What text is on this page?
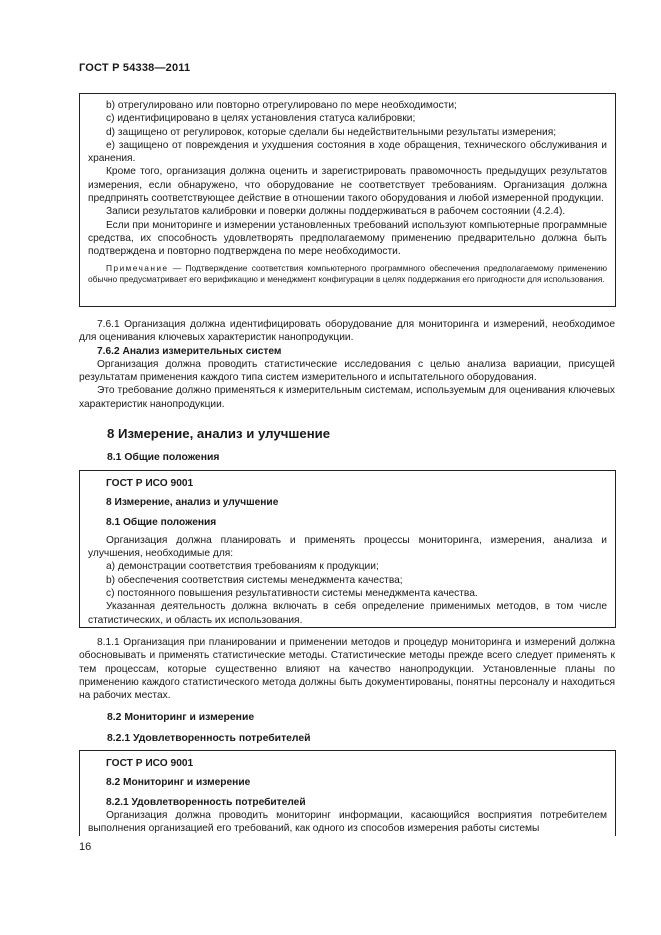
ГОСТ Р 54338—2011

b) отрегулировано или повторно отрегулировано по мере необходимости;

c) идентифицировано в целях установления статуса калибровки;

d) защищено от регулировок, которые сделали бы недействительными результаты измерения;

e) защищено от повреждения и ухудшения состояния в ходе обращения, технического обслуживания и хранения.

Кроме того, организация должна оценить и зарегистрировать правомочность предыдущих результатов измерения, если обнаружено, что оборудование не соответствует требованиям. Организация должна предпринять соответствующее действие в отношении такого оборудования и любой измеренной продукции.

Записи результатов калибровки и поверки должны поддерживаться в рабочем состоянии (4.2.4).

Если при мониторинге и измерении установленных требований используют компьютерные программные средства, их способность удовлетворять предполагаемому применению предварительно должна быть подтверждена и повторно подтверждена по мере необходимости.

Примечание — Подтверждение соответствия компьютерного программного обеспечения предполагаемому применению обычно предусматривает его верификацию и менеджмент конфигурации в целях поддержания его пригодности для использования.

7.6.1 Организация должна идентифицировать оборудование для мониторинга и измерений, необходимое для оценивания ключевых характеристик нанопродукции.

7.6.2 Анализ измерительных систем

Организация должна проводить статистические исследования с целью анализа вариации, присущей результатам применения каждого типа систем измерительного и испытательного оборудования.

Это требование должно применяться к измерительным системам, используемым для оценивания ключевых характеристик нанопродукции.

8 Измерение, анализ и улучшение
8.1 Общие положения

ГОСТ Р ИСО 9001

8 Измерение, анализ и улучшение

8.1 Общие положения

Организация должна планировать и применять процессы мониторинга, измерения, анализа и улучшения, необходимые для:

a) демонстрации соответствия требованиям к продукции;

b) обеспечения соответствия системы менеджмента качества;

c) постоянного повышения результативности системы менеджмента качества.

Указанная деятельность должна включать в себя определение применимых методов, в том числе статистических, и область их использования.

8.1.1 Организация при планировании и применении методов и процедур мониторинга и измерений должна обосновывать и применять статистические методы. Статистические методы прежде всего следует применять к тем процессам, которые существенно влияют на качество нанопродукции. Установленные планы по применению каждого статистического метода должны быть документированы, понятны персоналу и находиться на рабочих местах.

8.2 Мониторинг и измерение
8.2.1 Удовлетворенность потребителей

ГОСТ Р ИСО 9001

8.2 Мониторинг и измерение

8.2.1 Удовлетворенность потребителей

Организация должна проводить мониторинг информации, касающийся восприятия потребителем выполнения организацией его требований, как одного из способов измерения работы системы

16
